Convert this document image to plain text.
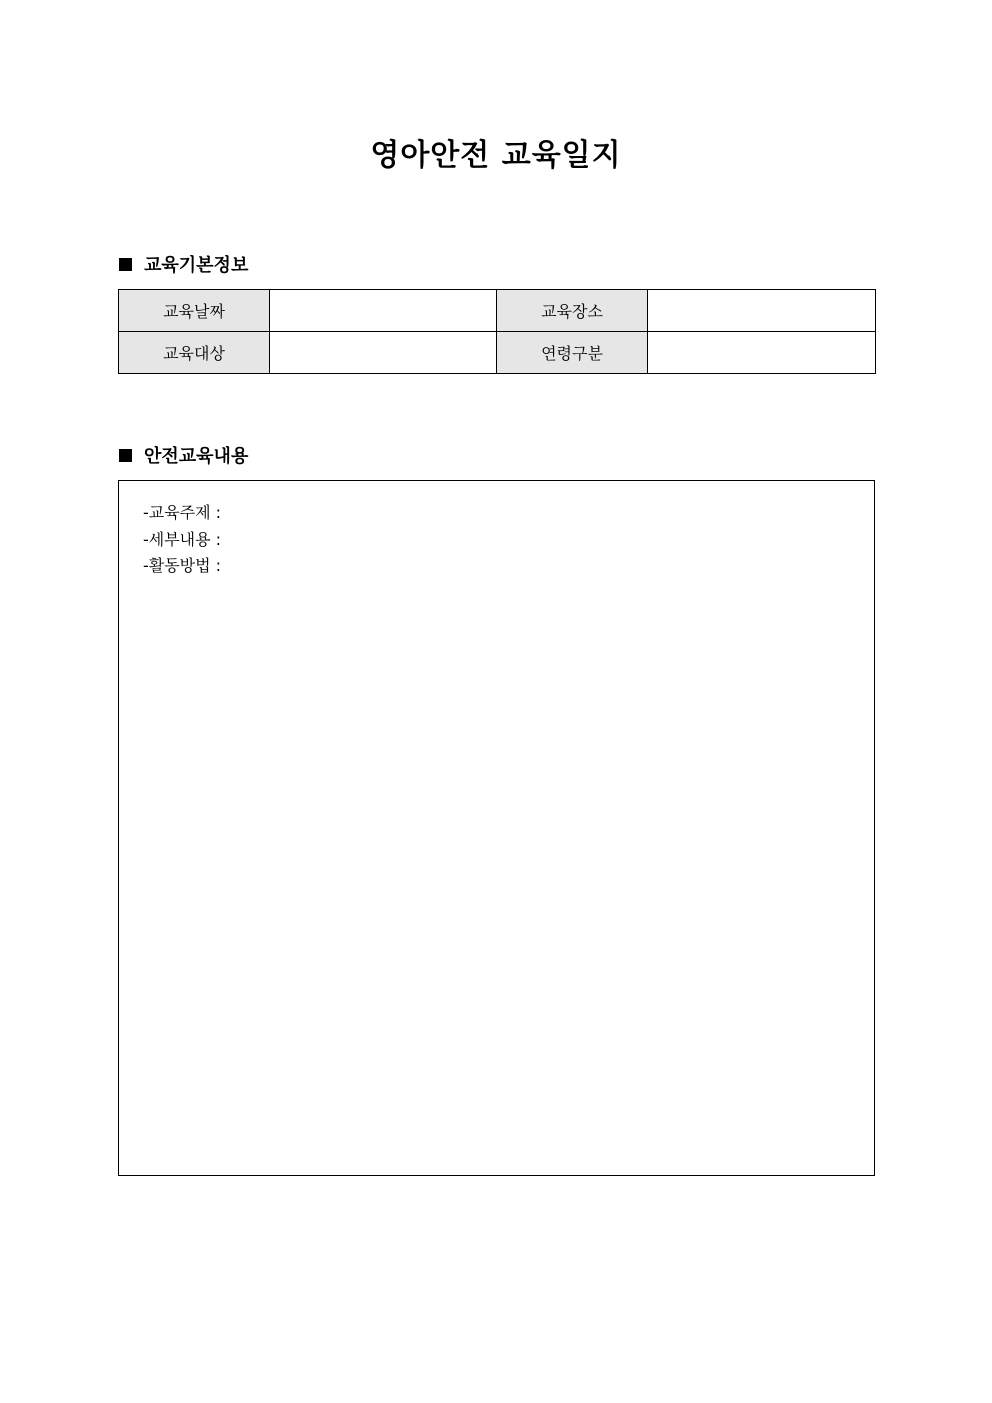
영아안전 교육일지
교육기본정보
교육날짜		교육장소	
교육대상		연령구분	
안전교육내용
-교육주제 :
-세부내용 :
-활동방법 :
